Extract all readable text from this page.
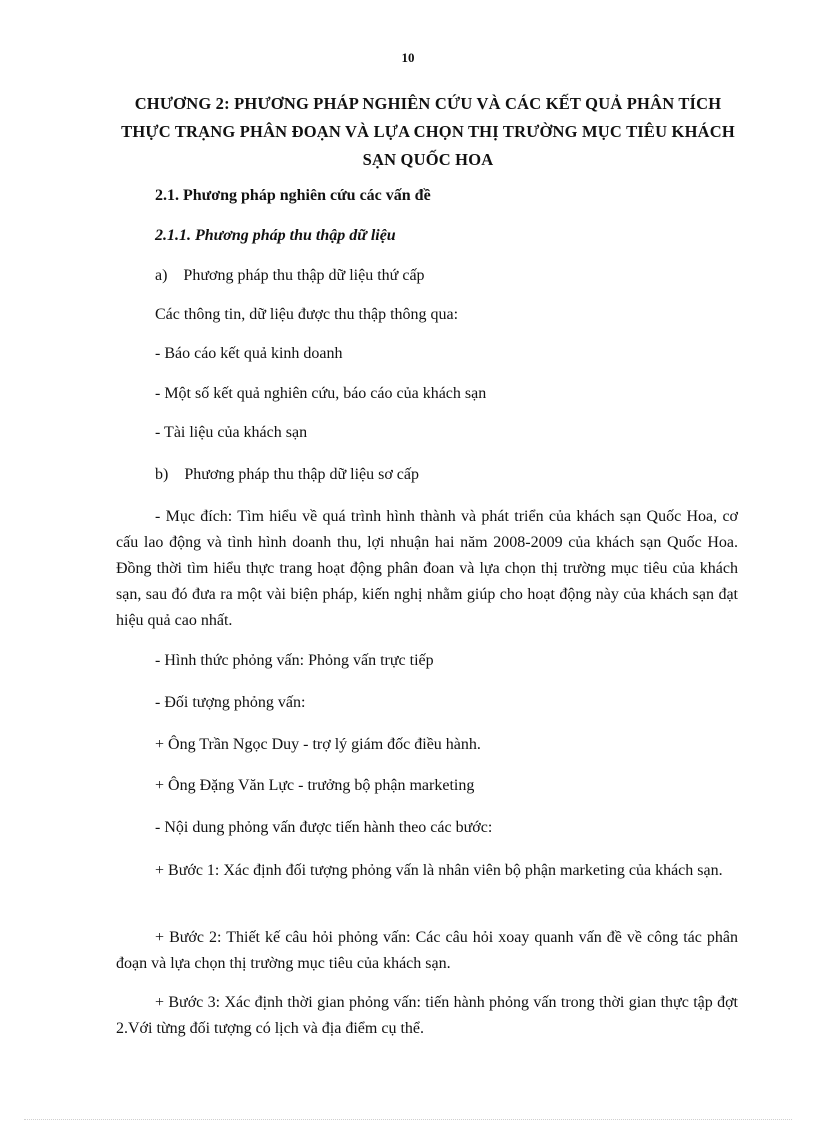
10
CHƯƠNG 2: PHƯƠNG PHÁP NGHIÊN CỨU VÀ CÁC KẾT QUẢ PHÂN TÍCH THỰC TRẠNG PHÂN ĐOẠN VÀ LỰA CHỌN THỊ TRƯỜNG MỤC TIÊU KHÁCH SẠN QUỐC HOA
2.1. Phương pháp nghiên cứu các vấn đề
2.1.1. Phương pháp thu thập dữ liệu
a)    Phương pháp thu thập dữ liệu thứ cấp
Các thông tin, dữ liệu được thu thập thông qua:
- Báo cáo kết quả kinh doanh
- Một số kết quả nghiên cứu, báo cáo của khách sạn
- Tài liệu của khách sạn
b)    Phương pháp thu thập dữ liệu sơ cấp
- Mục đích: Tìm hiểu về quá trình hình thành và phát triển của khách sạn Quốc Hoa, cơ cấu lao động và tình hình doanh thu, lợi nhuận hai năm 2008-2009 của khách sạn Quốc Hoa. Đồng thời tìm hiểu thực trang hoạt động phân đoan và lựa chọn thị trường mục tiêu của khách sạn, sau đó đưa ra một vài biện pháp, kiến nghị nhằm giúp cho hoạt động này của khách sạn đạt hiệu quả cao nhất.
- Hình thức phỏng vấn: Phỏng vấn trực tiếp
- Đối tượng phỏng vấn:
+ Ông Trần Ngọc Duy - trợ lý giám đốc điều hành.
+ Ông Đặng Văn Lực - trưởng bộ phận marketing
- Nội dung phỏng vấn được tiến hành theo các bước:
+ Bước 1: Xác định đối tượng phỏng vấn là nhân viên bộ phận marketing của khách sạn.
+ Bước 2: Thiết kế câu hỏi phỏng vấn: Các câu hỏi xoay quanh vấn đề về công tác phân đoạn và lựa chọn thị trường mục tiêu của khách sạn.
+ Bước 3: Xác định thời gian phỏng vấn: tiến hành phỏng vấn trong thời gian thực tập đợt 2.Với từng đối tượng có lịch và địa điểm cụ thể.
